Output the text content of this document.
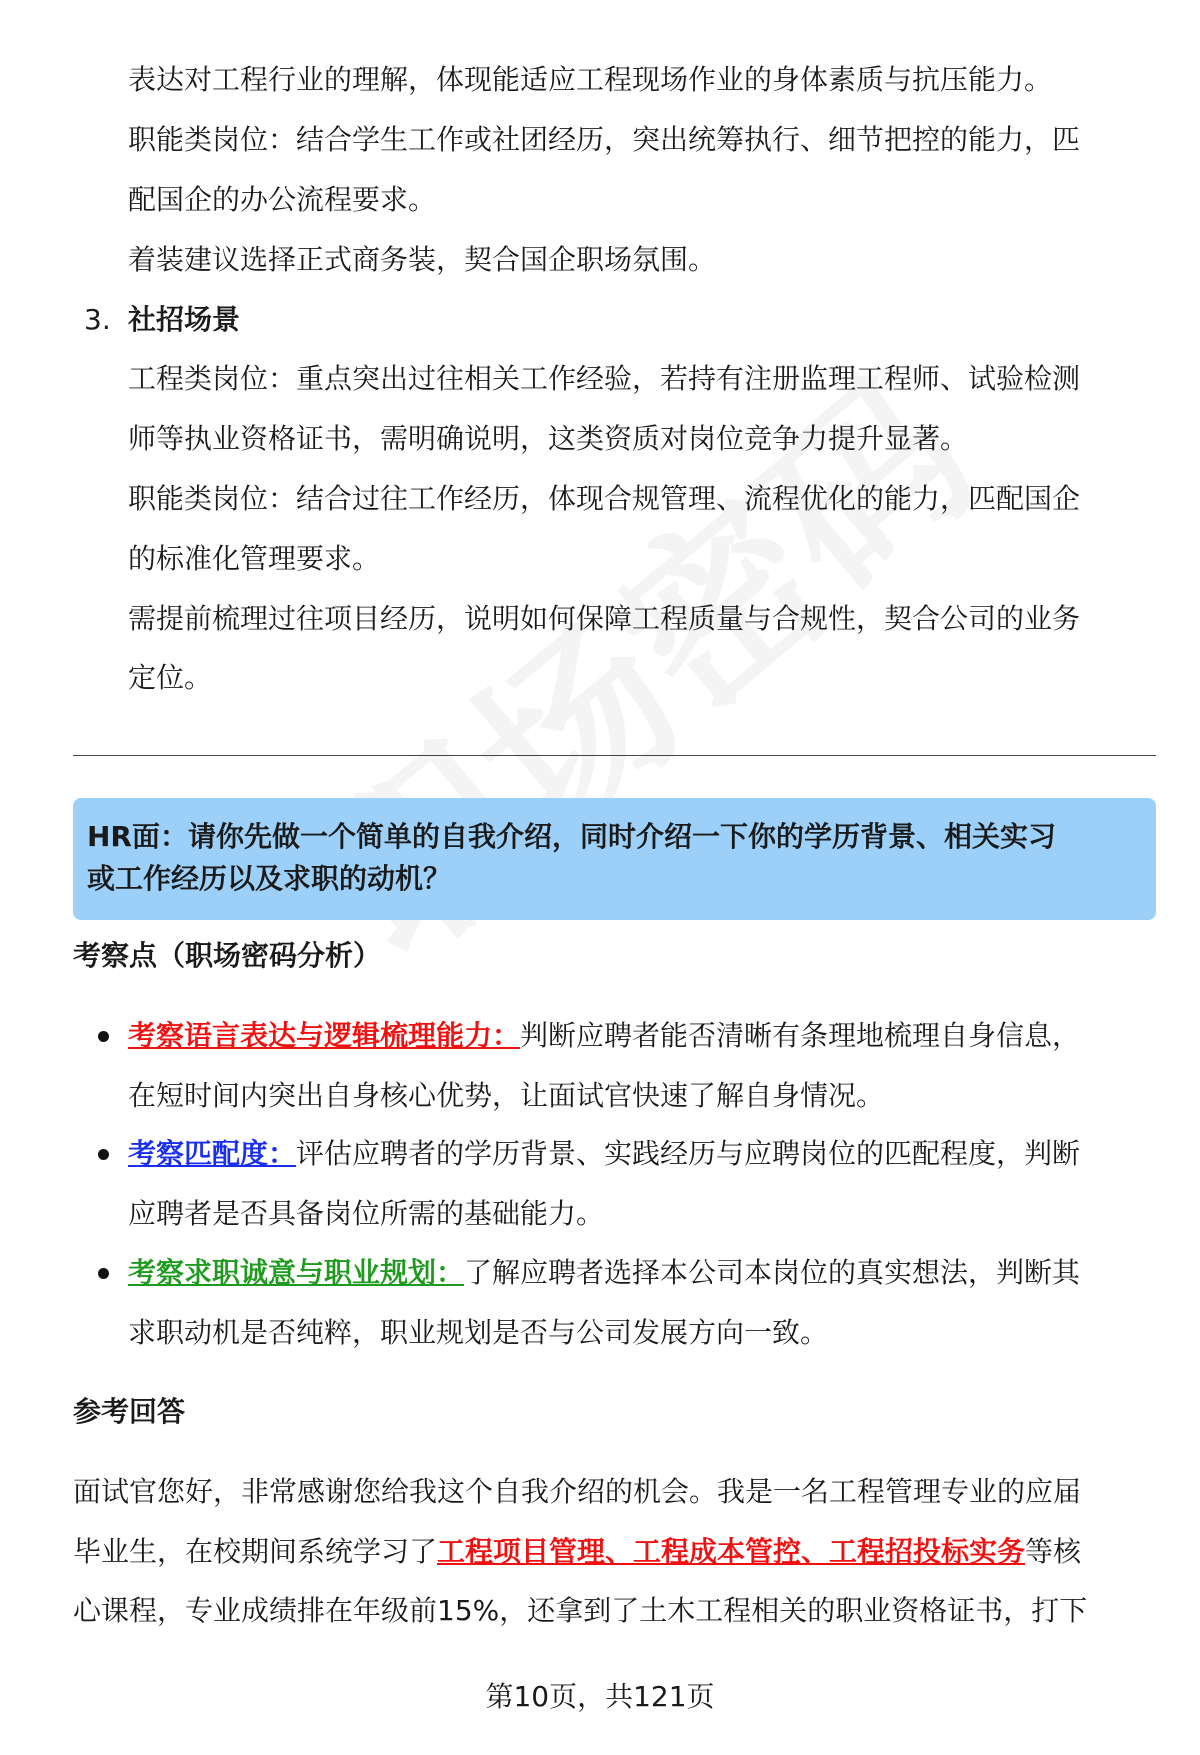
表达对工程行业的理解，体现能适应工程现场作业的身体素质与抗压能力。
职能类岗位：结合学生工作或社团经历，突出统筹执行、细节把控的能力，匹
配国企的办公流程要求。
着装建议选择正式商务装，契合国企职场氛围。
3. 社招场景
工程类岗位：重点突出过往相关工作经验，若持有注册监理工程师、试验检测
师等执业资格证书，需明确说明，这类资质对岗位竞争力提升显著。
职能类岗位：结合过往工作经历，体现合规管理、流程优化的能力，匹配国企
的标准化管理要求。
需提前梳理过往项目经历，说明如何保障工程质量与合规性，契合公司的业务
定位。
HR面：请你先做一个简单的自我介绍，同时介绍一下你的学历背景、相关实习
或工作经历以及求职的动机？
考察点（职场密码分析）
考察语言表达与逻辑梳理能力：判断应聘者能否清晰有条理地梳理自身信息，
在短时间内突出自身核心优势，让面试官快速了解自身情况。
考察匹配度：评估应聘者的学历背景、实践经历与应聘岗位的匹配程度，判断
应聘者是否具备岗位所需的基础能力。
考察求职诚意与职业规划：了解应聘者选择本公司本岗位的真实想法，判断其
求职动机是否纯粹，职业规划是否与公司发展方向一致。
参考回答
面试官您好，非常感谢您给我这个自我介绍的机会。我是一名工程管理专业的应届
毕业生，在校期间系统学习了工程项目管理、工程成本管控、工程招投标实务等核
心课程，专业成绩排在年级前15%，还拿到了土木工程相关的职业资格证书，打下
第10页，共121页
